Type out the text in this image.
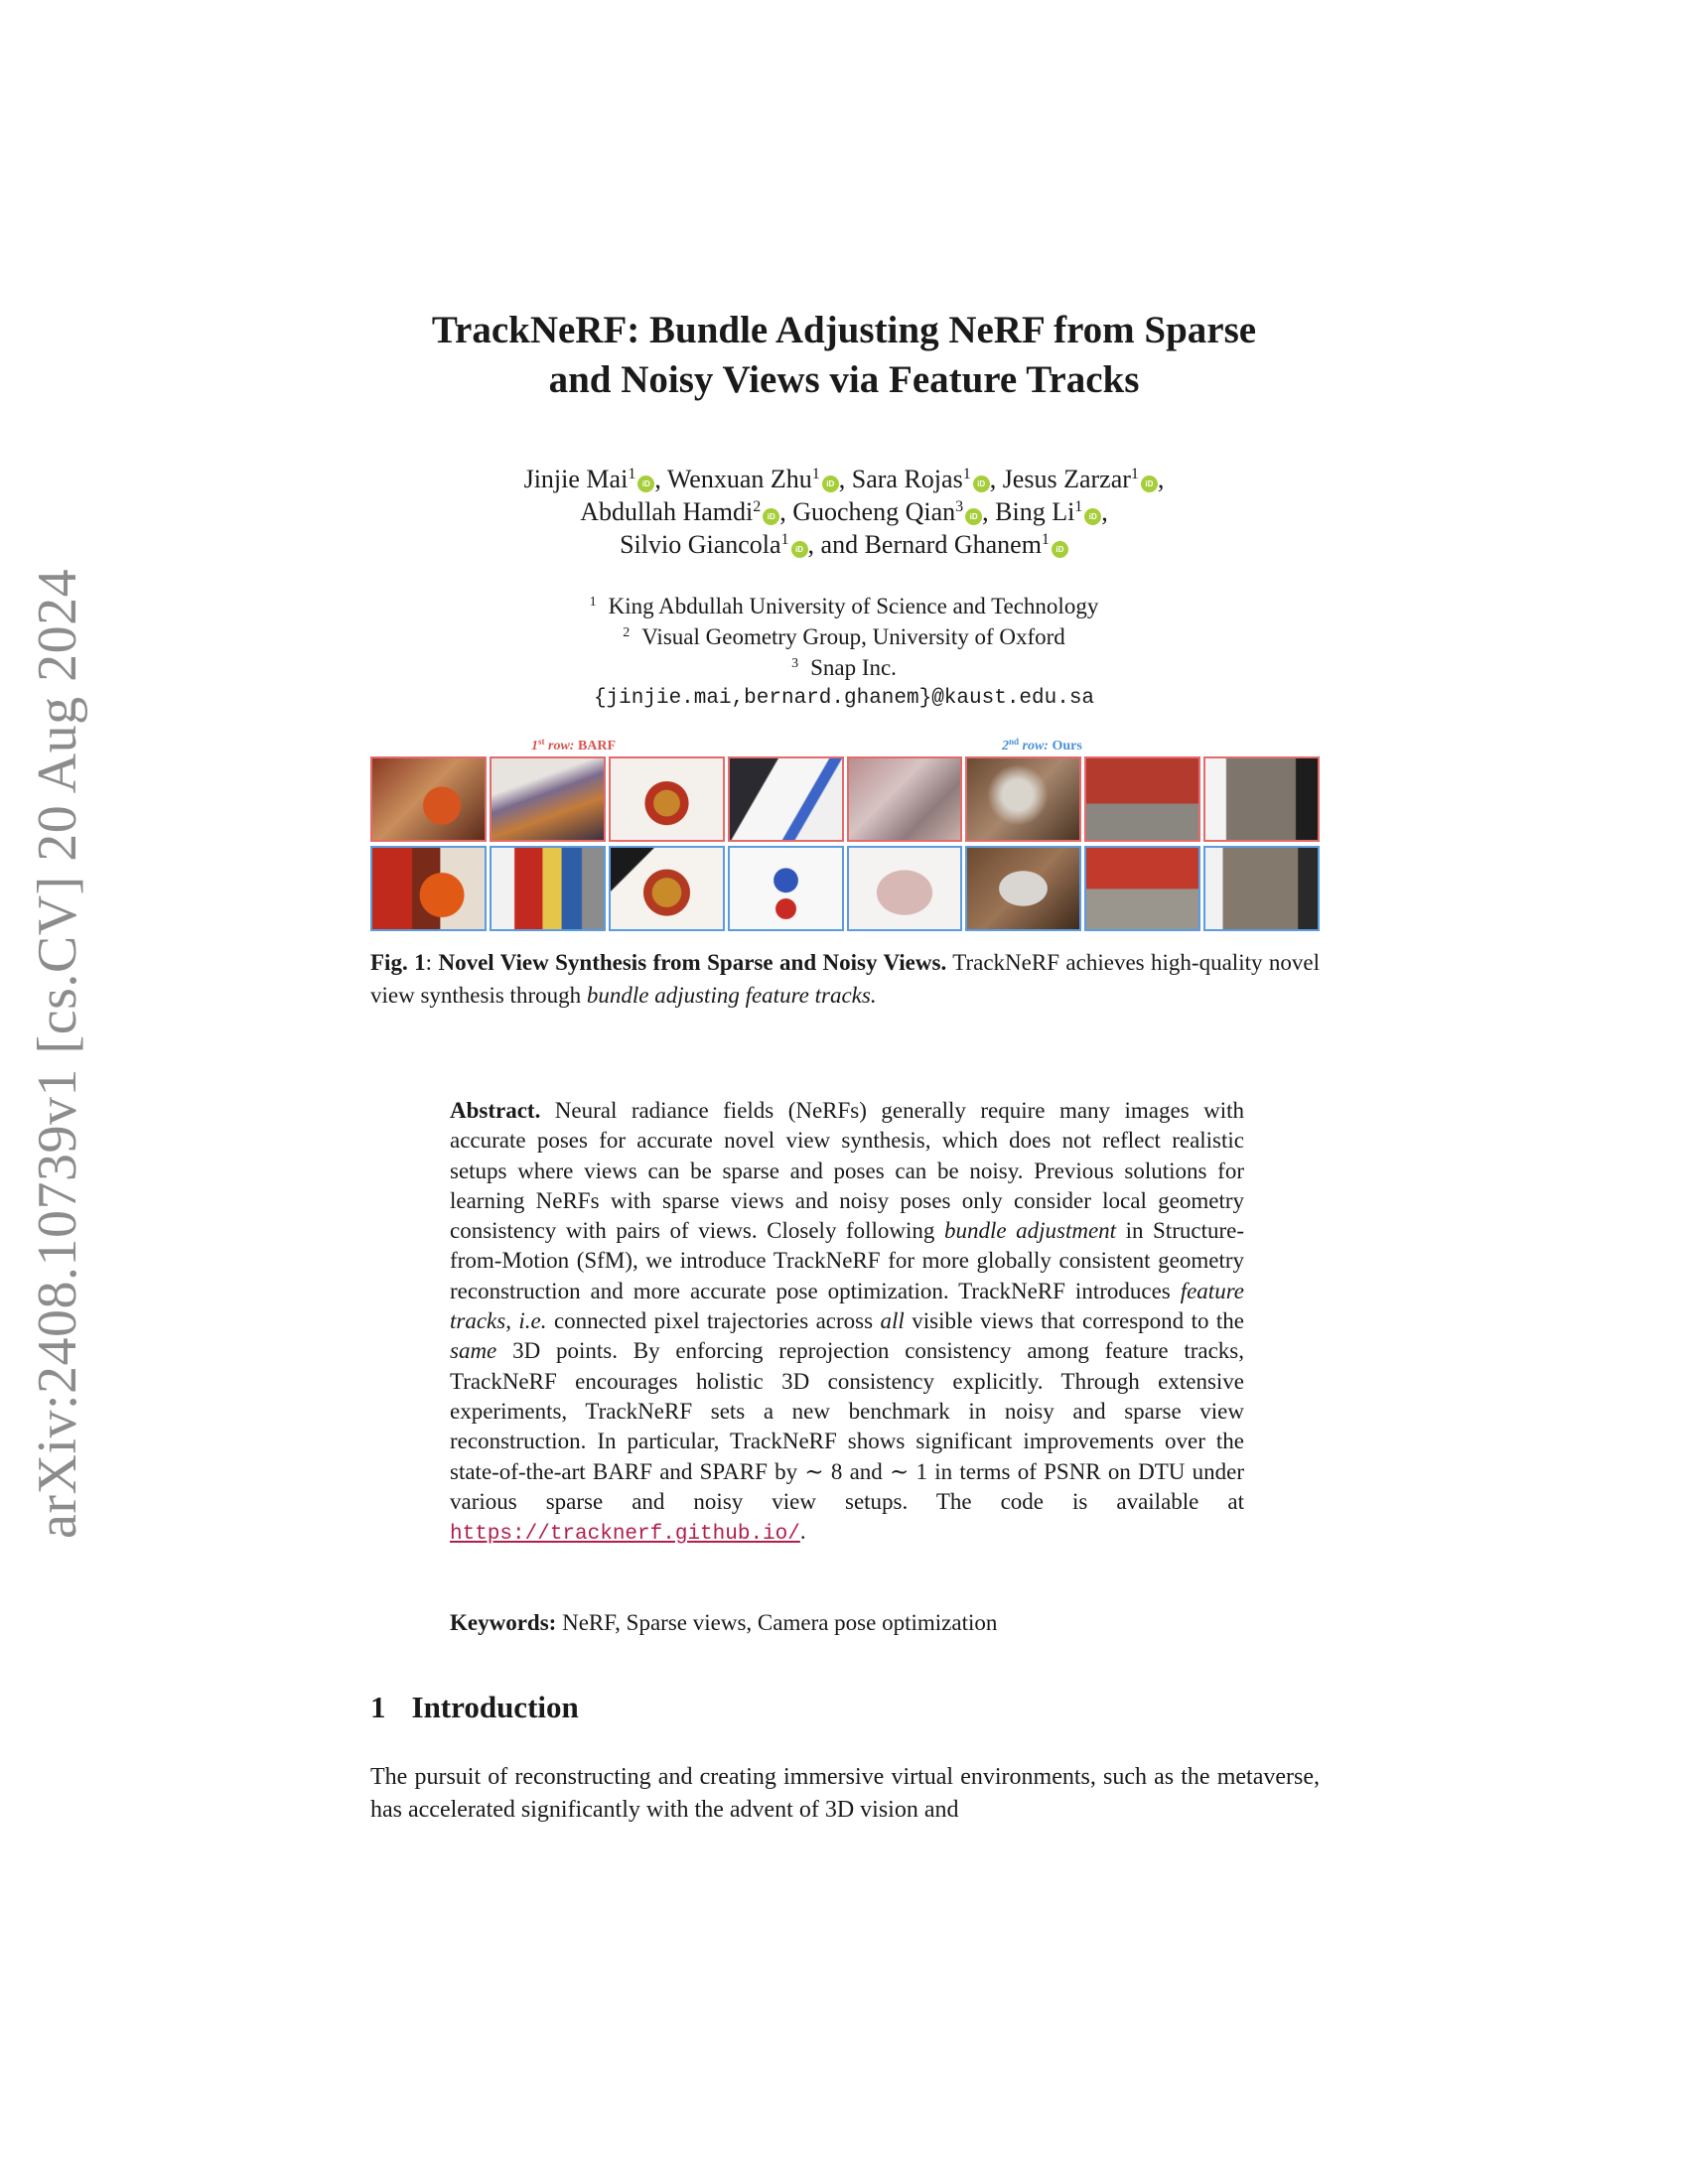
arXiv:2408.10739v1 [cs.CV] 20 Aug 2024
TrackNeRF: Bundle Adjusting NeRF from Sparse
and Noisy Views via Feature Tracks
Jinjie Mai$^1$iD , Wenxuan Zhu$^1$iD , Sara Rojas$^1$iD , Jesus Zarzar$^1$iD ,
Abdullah Hamdi$^2$iD , Guocheng Qian$^3$iD , Bing Li$^1$iD ,
Silvio Giancola$^1$iD , and Bernard Ghanem$^1$iD
$^1$ King Abdullah University of Science and Technology
$^2$ Visual Geometry Group, University of Oxford
$^3$ Snap Inc.
{jinjie.mai,bernard.ghanem}@kaust.edu.sa
1st row: BARF	2nd row: Ours
Fig. 1: Novel View Synthesis from Sparse and Noisy Views. TrackNeRF achieves high-quality novel view synthesis through bundle adjusting feature tracks.
Abstract. Neural radiance fields (NeRFs) generally require many images with accurate poses for accurate novel view synthesis, which does not reflect realistic setups where views can be sparse and poses can be noisy. Previous solutions for learning NeRFs with sparse views and noisy poses only consider local geometry consistency with pairs of views. Closely following bundle adjustment in Structure-from-Motion (SfM), we introduce TrackNeRF for more globally consistent geometry reconstruction and more accurate pose optimization. TrackNeRF introduces feature tracks, i.e. connected pixel trajectories across all visible views that correspond to the same 3D points. By enforcing reprojection consistency among feature tracks, TrackNeRF encourages holistic 3D consistency explicitly. Through extensive experiments, TrackNeRF sets a new benchmark in noisy and sparse view reconstruction. In particular, TrackNeRF shows significant improvements over the state-of-the-art BARF and SPARF by ∼ 8 and ∼ 1 in terms of PSNR on DTU under various sparse and noisy view setups. The code is available at https://tracknerf.github.io/.
Keywords: NeRF, Sparse views, Camera pose optimization
1 Introduction
The pursuit of reconstructing and creating immersive virtual environments, such as the metaverse, has accelerated significantly with the advent of 3D vision and
